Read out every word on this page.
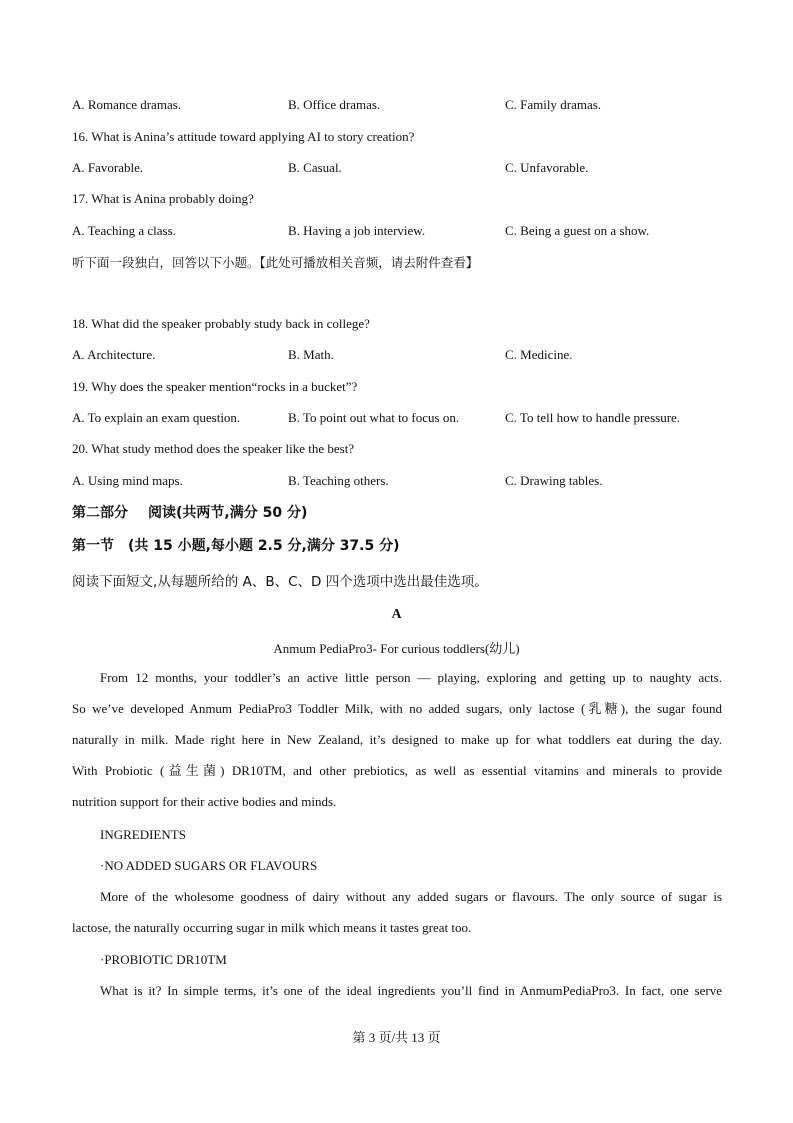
A. Romance dramas.	B. Office dramas.	C. Family dramas.
16. What is Anina’s attitude toward applying AI to story creation?
A. Favorable.	B. Casual.	C. Unfavorable.
17. What is Anina probably doing?
A. Teaching a class.	B. Having a job interview.	C. Being a guest on a show.
听下面一段独白，回答以下小题。【此处可播放相关音频，请去附件查看】
18. What did the speaker probably study back in college?
A. Architecture.	B. Math.	C. Medicine.
19. Why does the speaker mention“rocks in a bucket”?
A. To explain an exam question.	B. To point out what to focus on.	C. To tell how to handle pressure.
20. What study method does the speaker like the best?
A. Using mind maps.	B. Teaching others.	C. Drawing tables.
第二部分 阅读(共两节,满分 50 分)
第一节 (共 15 小题,每小题 2.5 分,满分 37.5 分)
阅读下面短文,从每题所给的 A、B、C、D 四个选项中选出最佳选项。
A
Anmum PediaPro3- For curious toddlers(幼儿)
From 12 months, your toddler’s an active little person — playing, exploring and getting up to naughty acts.
So we’ve developed Anmum PediaPro3 Toddler Milk, with no added sugars, only lactose (乳糖), the sugar found
naturally in milk. Made right here in New Zealand, it’s designed to make up for what toddlers eat during the day.
With Probiotic (益生菌) DR10TM, and other prebiotics, as well as essential vitamins and minerals to provide
nutrition support for their active bodies and minds.
INGREDIENTS
·NO ADDED SUGARS OR FLAVOURS
More of the wholesome goodness of dairy without any added sugars or flavours. The only source of sugar is
lactose, the naturally occurring sugar in milk which means it tastes great too.
·PROBIOTIC DR10TM
What is it? In simple terms, it’s one of the ideal ingredients you’ll find in AnmumPediaPro3. In fact, one serve
第 3 页/共 13 页
